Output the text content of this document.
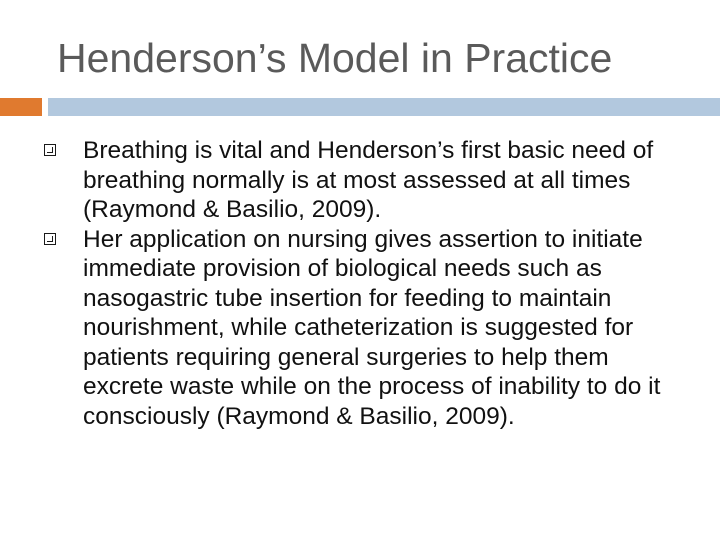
Henderson’s Model in Practice
Breathing is vital and Henderson’s first basic need of breathing normally is at most assessed at all times (Raymond & Basilio, 2009).
Her application on nursing gives assertion to initiate immediate provision of biological needs such as nasogastric tube insertion for feeding to maintain nourishment, while catheterization is suggested for patients requiring general surgeries to help them excrete waste while on the process of inability to do it consciously (Raymond & Basilio, 2009).
